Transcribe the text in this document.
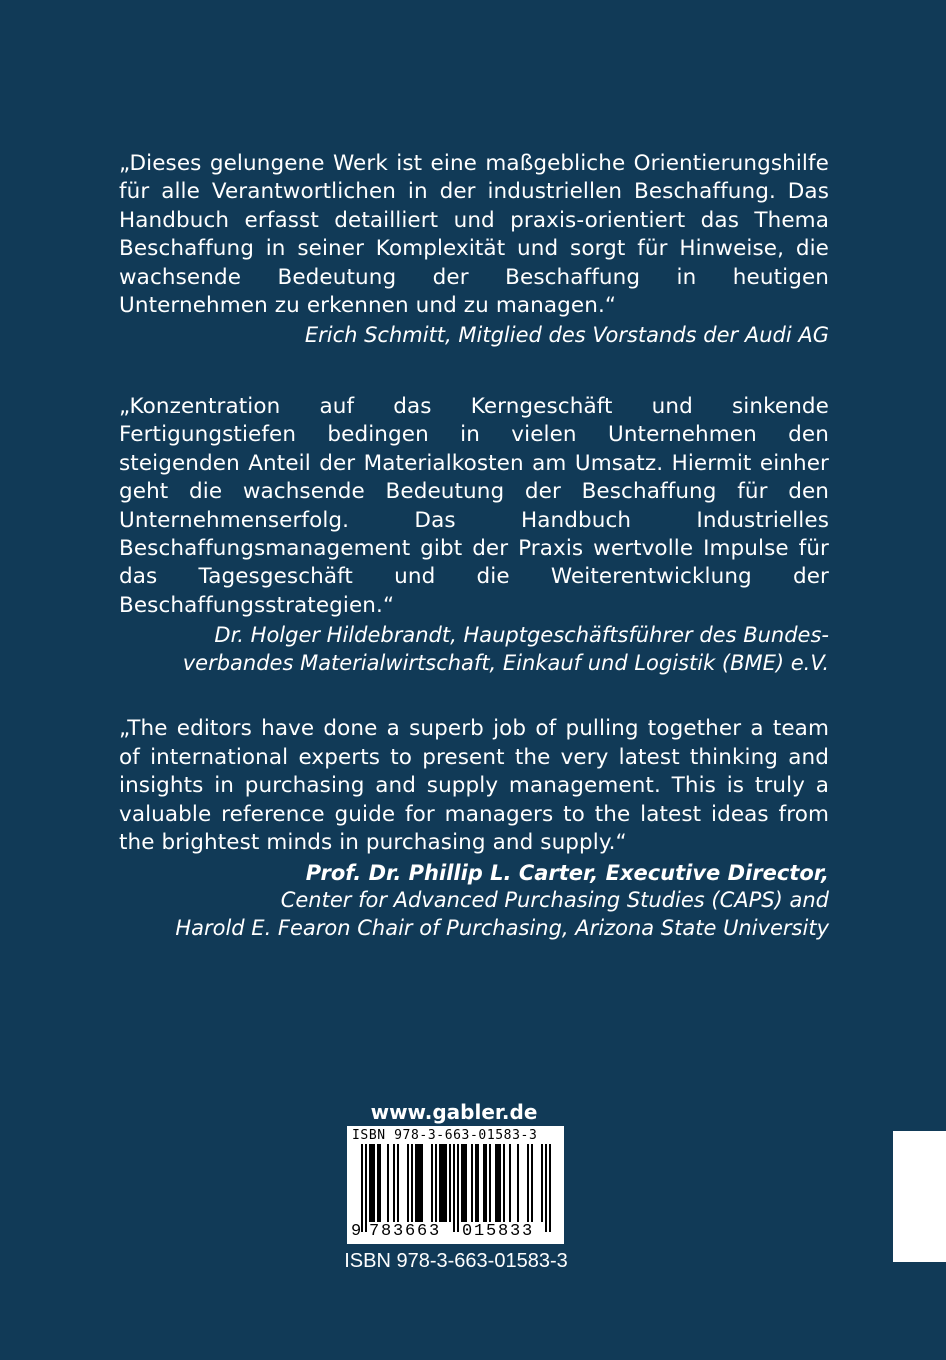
„Dieses gelungene Werk ist eine maßgebliche Orientierungshilfe für alle Verantwortlichen in der industriellen Beschaffung. Das Handbuch erfasst detailliert und praxis-orientiert das Thema Beschaffung in seiner Komplexität und sorgt für Hinweise, die wachsende Bedeutung der Beschaffung in heutigen Unternehmen zu erkennen und zu managen.“
Erich Schmitt, Mitglied des Vorstands der Audi AG
„Konzentration auf das Kerngeschäft und sinkende Fertigungstiefen bedingen in vielen Unternehmen den steigenden Anteil der Materialkosten am Umsatz. Hiermit einher geht die wachsende Bedeutung der Beschaffung für den Unternehmenserfolg. Das Handbuch Industrielles Beschaffungsmanagement gibt der Praxis wertvolle Impulse für das Tagesgeschäft und die Weiterentwicklung der Beschaffungsstrategien.“
Dr. Holger Hildebrandt, Hauptgeschäftsführer des Bundes-
verbandes Materialwirtschaft, Einkauf und Logistik (BME) e.V.
„The editors have done a superb job of pulling together a team of international experts to present the very latest thinking and insights in purchasing and supply management. This is truly a valuable reference guide for managers to the latest ideas from the brightest minds in purchasing and supply.“
Prof. Dr. Phillip L. Carter, Executive Director,
Center for Advanced Purchasing Studies (CAPS) and
Harold E. Fearon Chair of Purchasing, Arizona State University
www.gabler.de
ISBN 978-3-663-01583-3
9 783663 015833
ISBN 978-3-663-01583-3
